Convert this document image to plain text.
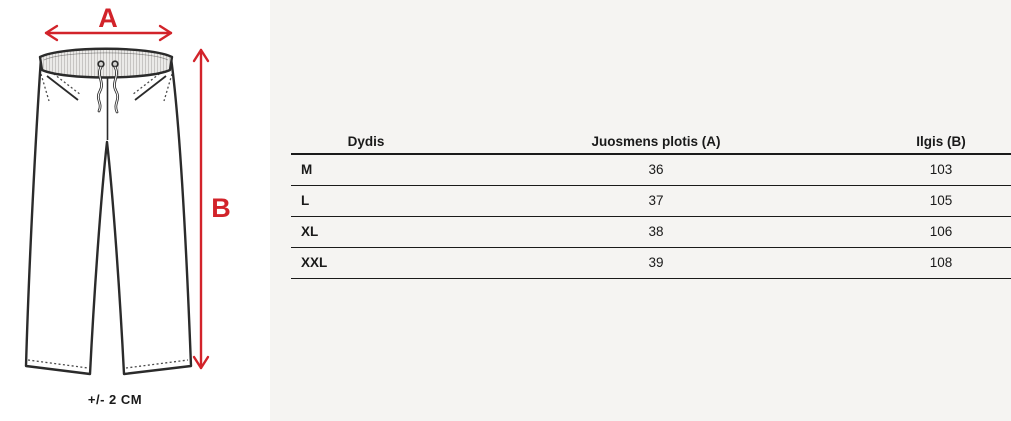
A
B
+/- 2 CM
Dydis	Juosmens plotis (A)	Ilgis (B)
M	36	103
L	37	105
XL	38	106
XXL	39	108
